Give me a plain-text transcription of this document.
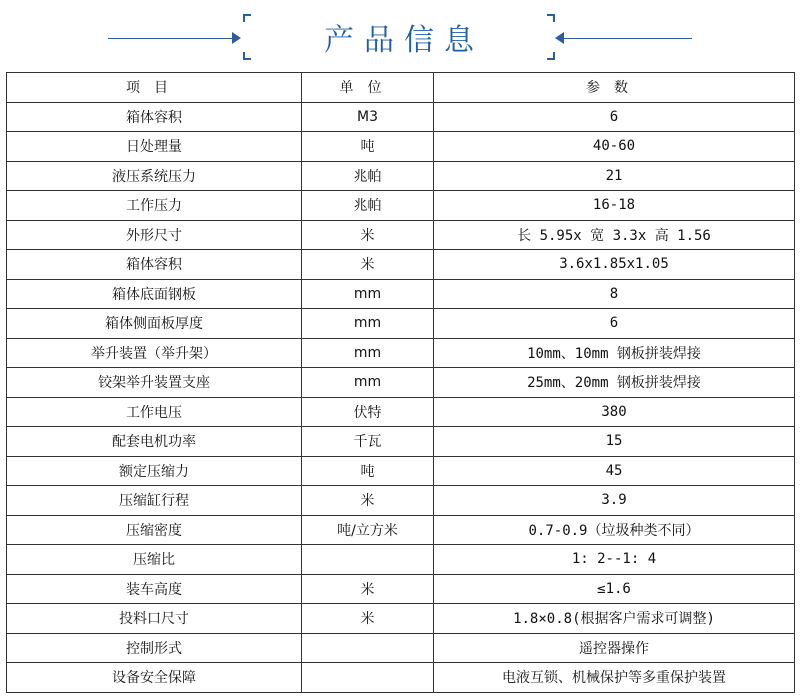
产品信息
项目	单位	参数
箱体容积	M3	6
日处理量	吨	40-60
液压系统压力	兆帕	21
工作压力	兆帕	16-18
外形尺寸	米	长 5.95x 宽 3.3x 高 1.56
箱体容积	米	3.6x1.85x1.05
箱体底面钢板	mm	8
箱体侧面板厚度	mm	6
举升装置（举升架）	mm	10mm、10mm 钢板拼装焊接
铰架举升装置支座	mm	25mm、20mm 钢板拼装焊接
工作电压	伏特	380
配套电机功率	千瓦	15
额定压缩力	吨	45
压缩缸行程	米	3.9
压缩密度	吨/立方米	0.7-0.9（垃圾种类不同）
压缩比		1: 2--1: 4
装车高度	米	≤1.6
投料口尺寸	米	1.8×0.8(根据客户需求可调整)
控制形式		遥控器操作
设备安全保障		电液互锁、机械保护等多重保护装置
